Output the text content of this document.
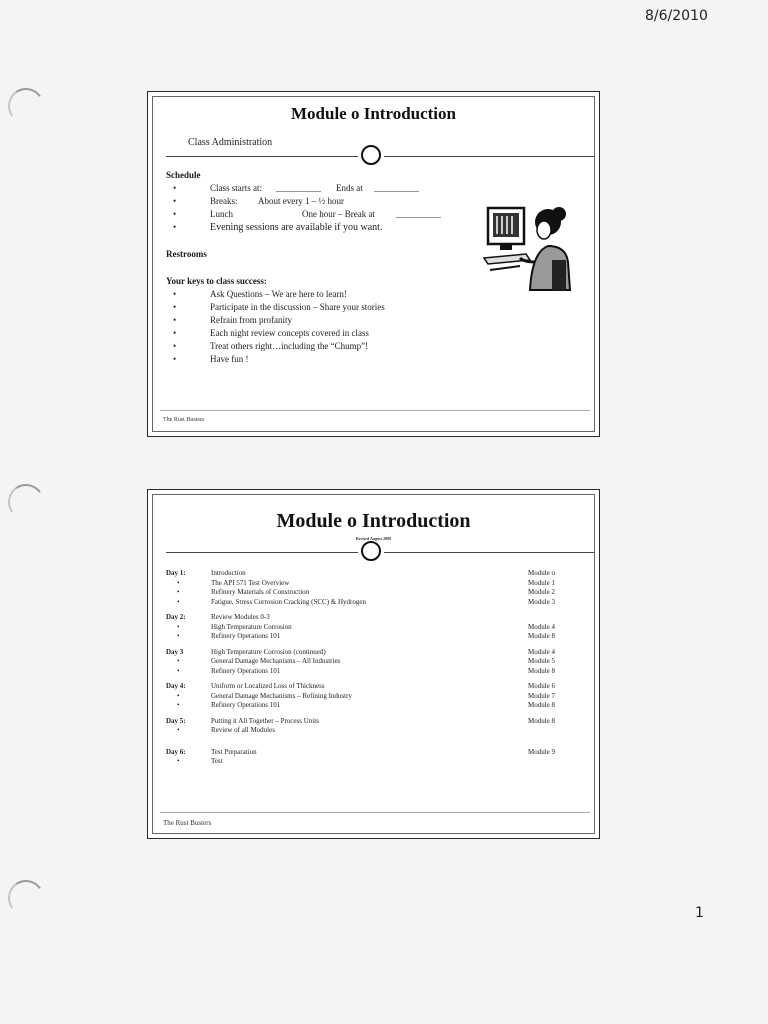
8/6/2010
Module o Introduction
Class Administration
Schedule
•	Class starts at: __________ Ends at __________
•	Breaks: About every 1 – ½ hour
•	Lunch	One hour – Break at __________
•	Evening sessions are available if you want.
Restrooms
Your keys to class success:
•	Ask Questions – We are here to learn!
•	Participate in the discussion – Share your stories
•	Refrain from profanity
•	Each night review concepts covered in class
•	Treat others right…including the “Chump”!
•	Have fun !
The Rust Busters
Module o Introduction
Revised August 2009
Day 1:	Introduction	Module o
•	The API 571 Test Overview	Module 1
•	Refinery Materials of Construction	Module 2
•	Fatigue, Stress Corrosion Cracking (SCC) & Hydrogen	Module 3
Day 2:	Review Modules 0-3
•	High Temperature Corrosion	Module 4
•	Refinery Operations 101	Module 8
Day 3	High Temperature Corrosion (continued)	Module 4
•	General Damage Mechanisms – All Industries	Module 5
•	Refinery Operations 101	Module 8
Day 4:	Uniform or Localized Loss of Thickness	Module 6
•	General Damage Mechanisms – Refining Industry	Module 7
•	Refinery Operations 101	Module 8
Day 5:	Putting it All Together – Process Units	Module 8
•	Review of all Modules
Day 6:	Test Preparation	Module 9
•	Test
The Rust Busters
1
